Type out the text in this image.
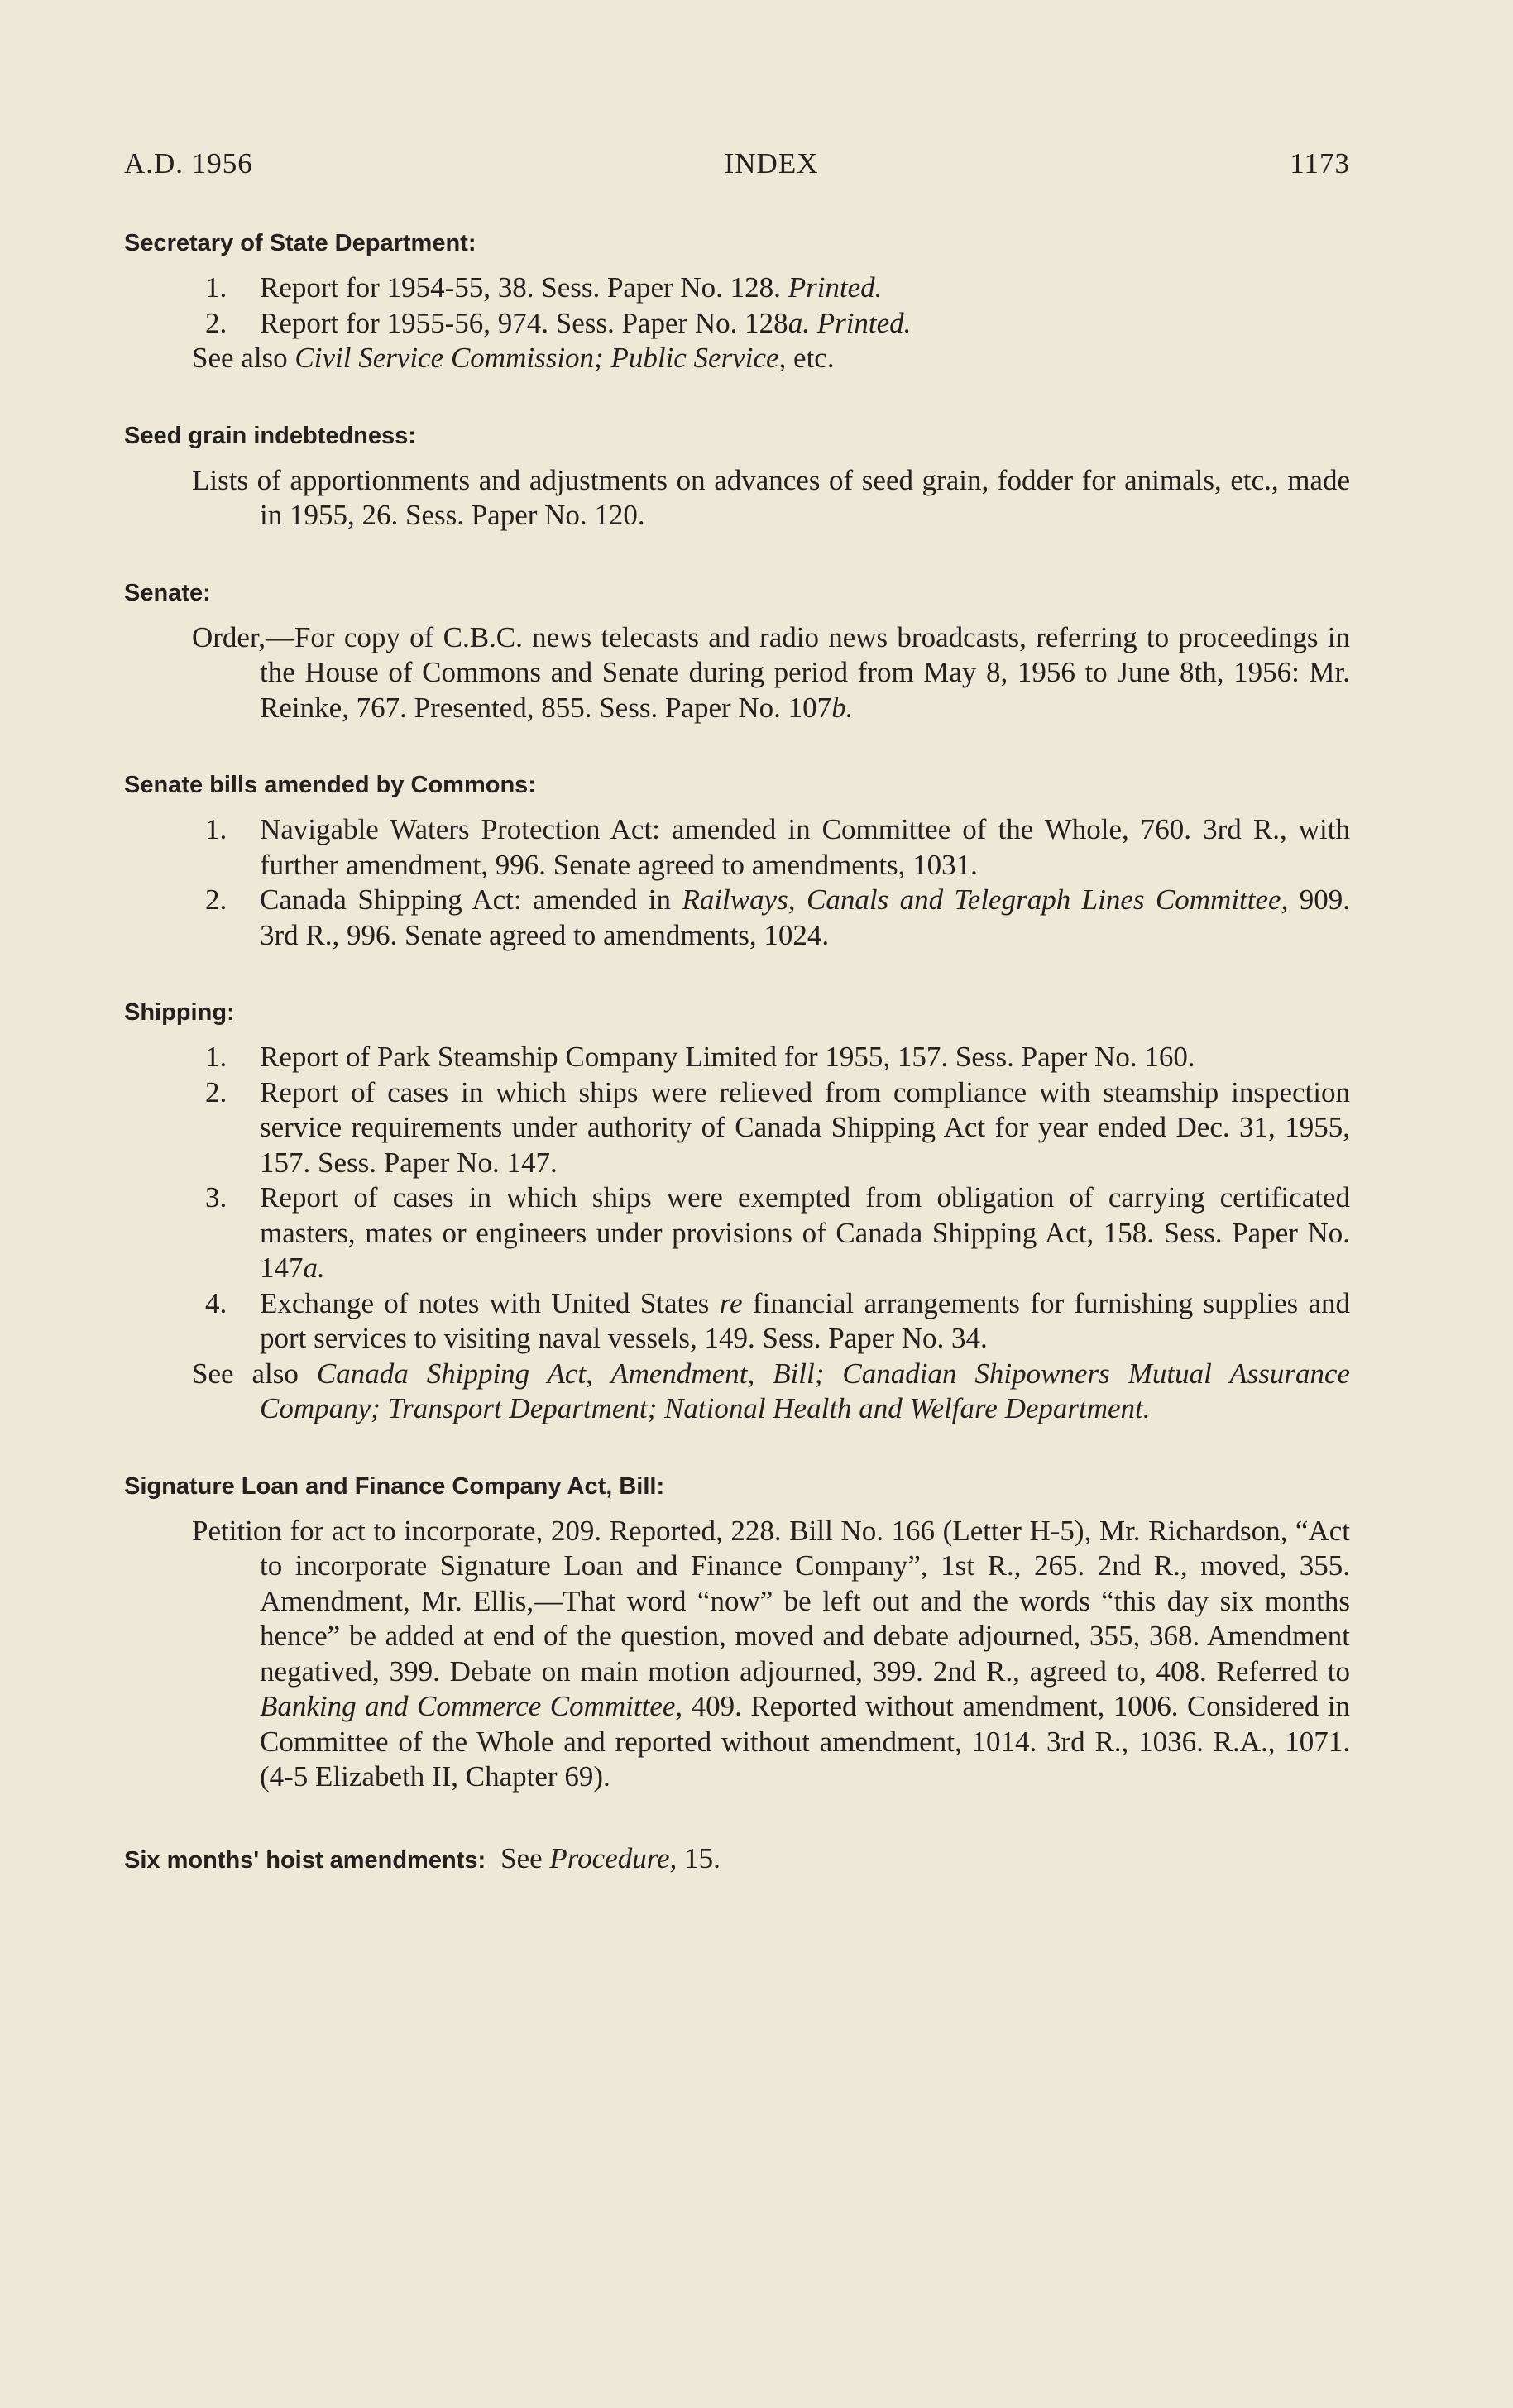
A.D. 1956	INDEX	1173
Secretary of State Department:
1.	Report for 1954-55, 38. Sess. Paper No. 128. Printed.
2.	Report for 1955-56, 974. Sess. Paper No. 128a. Printed.
See also Civil Service Commission; Public Service, etc.
Seed grain indebtedness:
Lists of apportionments and adjustments on advances of seed grain, fodder for animals, etc., made in 1955, 26. Sess. Paper No. 120.
Senate:
Order,—For copy of C.B.C. news telecasts and radio news broadcasts, referring to proceedings in the House of Commons and Senate during period from May 8, 1956 to June 8th, 1956: Mr. Reinke, 767. Presented, 855. Sess. Paper No. 107b.
Senate bills amended by Commons:
1.	Navigable Waters Protection Act: amended in Committee of the Whole, 760. 3rd R., with further amendment, 996. Senate agreed to amendments, 1031.
2.	Canada Shipping Act: amended in Railways, Canals and Telegraph Lines Committee, 909. 3rd R., 996. Senate agreed to amendments, 1024.
Shipping:
1.	Report of Park Steamship Company Limited for 1955, 157. Sess. Paper No. 160.
2.	Report of cases in which ships were relieved from compliance with steamship inspection service requirements under authority of Canada Shipping Act for year ended Dec. 31, 1955, 157. Sess. Paper No. 147.
3.	Report of cases in which ships were exempted from obligation of carrying certificated masters, mates or engineers under provisions of Canada Shipping Act, 158. Sess. Paper No. 147a.
4.	Exchange of notes with United States re financial arrangements for furnishing supplies and port services to visiting naval vessels, 149. Sess. Paper No. 34.
See also Canada Shipping Act, Amendment, Bill; Canadian Shipowners Mutual Assurance Company; Transport Department; National Health and Welfare Department.
Signature Loan and Finance Company Act, Bill:
Petition for act to incorporate, 209. Reported, 228. Bill No. 166 (Letter H-5), Mr. Richardson, “Act to incorporate Signature Loan and Finance Company”, 1st R., 265. 2nd R., moved, 355. Amendment, Mr. Ellis,—That word “now” be left out and the words “this day six months hence” be added at end of the question, moved and debate adjourned, 355, 368. Amendment negatived, 399. Debate on main motion adjourned, 399. 2nd R., agreed to, 408. Referred to Banking and Commerce Committee, 409. Reported without amendment, 1006. Considered in Committee of the Whole and reported without amendment, 1014. 3rd R., 1036. R.A., 1071. (4-5 Elizabeth II, Chapter 69).
Six months' hoist amendments: See Procedure, 15.
